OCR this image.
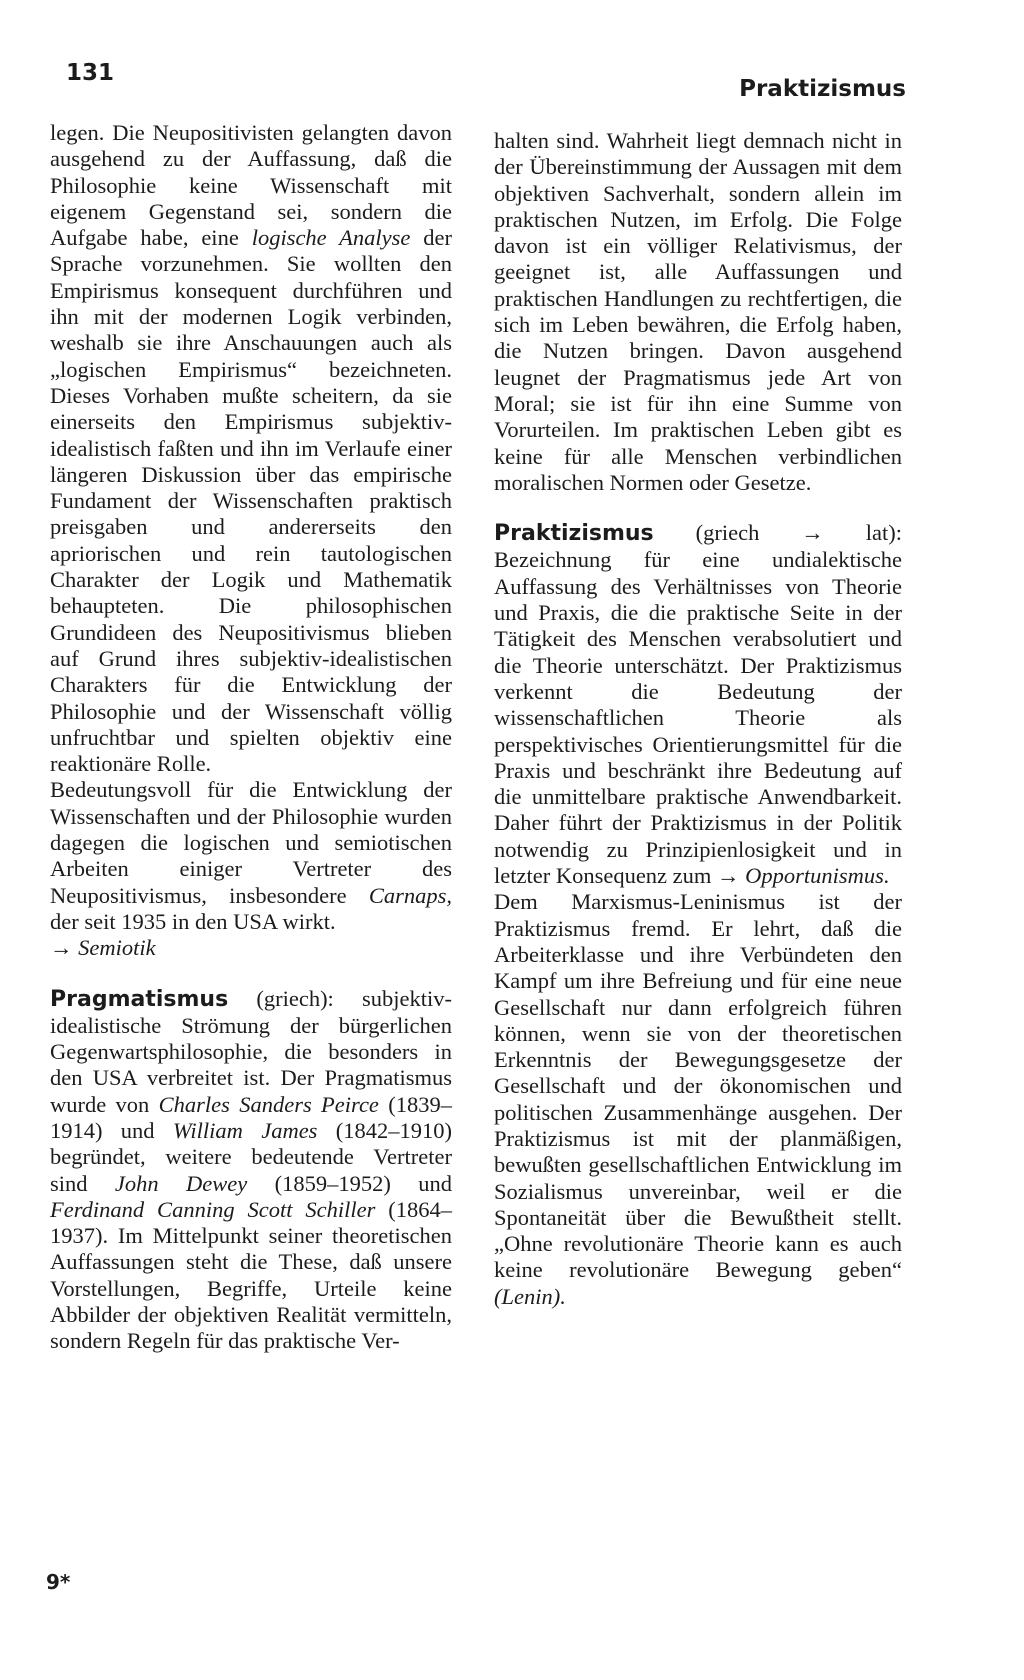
131
Praktizismus

legen. Die Neupositivisten gelangten davon ausgehend zu der Auffassung, daß die Philosophie keine Wissenschaft mit eigenem Gegenstand sei, sondern die Aufgabe habe, eine logische Analyse der Sprache vorzunehmen. Sie wollten den Empirismus konsequent durchführen und ihn mit der modernen Logik verbinden, weshalb sie ihre Anschauungen auch als „logischen Empirismus“ bezeichneten. Dieses Vorhaben mußte scheitern, da sie einerseits den Empirismus subjektiv-idealistisch faßten und ihn im Verlaufe einer längeren Diskussion über das empirische Fundament der Wissenschaften praktisch preisgaben und andererseits den apriorischen und rein tautologischen Charakter der Logik und Mathematik behaupteten. Die philosophischen Grundideen des Neupositivismus blieben auf Grund ihres subjektiv-idealistischen Charakters für die Entwicklung der Philosophie und der Wissenschaft völlig unfruchtbar und spielten objektiv eine reaktionäre Rolle.

Bedeutungsvoll für die Entwicklung der Wissenschaften und der Philosophie wurden dagegen die logischen und semiotischen Arbeiten einiger Vertreter des Neupositivismus, insbesondere Carnaps, der seit 1935 in den USA wirkt.

→ Semiotik

Pragmatismus (griech): subjektiv-idealistische Strömung der bürgerlichen Gegenwartsphilosophie, die besonders in den USA verbreitet ist. Der Pragmatismus wurde von Charles Sanders Peirce (1839–1914) und William James (1842–1910) begründet, weitere bedeutende Vertreter sind John Dewey (1859–1952) und Ferdinand Canning Scott Schiller (1864–1937). Im Mittelpunkt seiner theoretischen Auffassungen steht die These, daß unsere Vorstellungen, Begriffe, Urteile keine Abbilder der objektiven Realität vermitteln, sondern Regeln für das praktische Ver-

halten sind. Wahrheit liegt demnach nicht in der Übereinstimmung der Aussagen mit dem objektiven Sachverhalt, sondern allein im praktischen Nutzen, im Erfolg. Die Folge davon ist ein völliger Relativismus, der geeignet ist, alle Auffassungen und praktischen Handlungen zu rechtfertigen, die sich im Leben bewähren, die Erfolg haben, die Nutzen bringen. Davon ausgehend leugnet der Pragmatismus jede Art von Moral; sie ist für ihn eine Summe von Vorurteilen. Im praktischen Leben gibt es keine für alle Menschen verbindlichen moralischen Normen oder Gesetze.

Praktizismus (griech → lat): Bezeichnung für eine undialektische Auffassung des Verhältnisses von Theorie und Praxis, die die praktische Seite in der Tätigkeit des Menschen verabsolutiert und die Theorie unterschätzt. Der Praktizismus verkennt die Bedeutung der wissenschaftlichen Theorie als perspektivisches Orientierungsmittel für die Praxis und beschränkt ihre Bedeutung auf die unmittelbare praktische Anwendbarkeit. Daher führt der Praktizismus in der Politik notwendig zu Prinzipienlosigkeit und in letzter Konsequenz zum → Opportunismus.

Dem Marxismus-Leninismus ist der Praktizismus fremd. Er lehrt, daß die Arbeiterklasse und ihre Verbündeten den Kampf um ihre Befreiung und für eine neue Gesellschaft nur dann erfolgreich führen können, wenn sie von der theoretischen Erkenntnis der Bewegungsgesetze der Gesellschaft und der ökonomischen und politischen Zusammenhänge ausgehen. Der Praktizismus ist mit der planmäßigen, bewußten gesellschaftlichen Entwicklung im Sozialismus unvereinbar, weil er die Spontaneität über die Bewußtheit stellt. „Ohne revolutionäre Theorie kann es auch keine revolutionäre Bewegung geben“ (Lenin).

9*
